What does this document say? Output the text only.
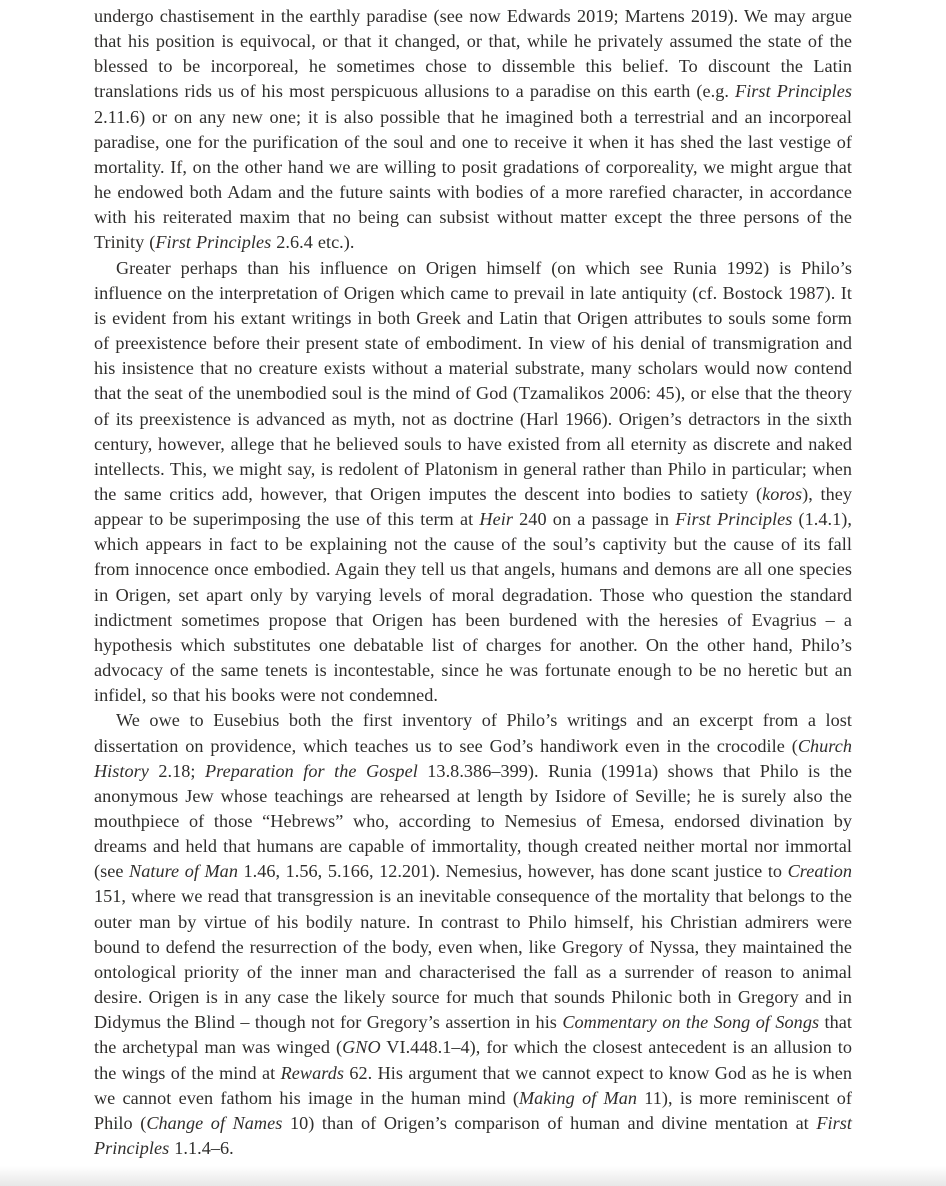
undergo chastisement in the earthly paradise (see now Edwards 2019; Martens 2019). We may argue that his position is equivocal, or that it changed, or that, while he privately assumed the state of the blessed to be incorporeal, he sometimes chose to dissemble this belief. To discount the Latin translations rids us of his most perspicuous allusions to a paradise on this earth (e.g. First Principles 2.11.6) or on any new one; it is also possible that he imagined both a terrestrial and an incorporeal paradise, one for the purification of the soul and one to receive it when it has shed the last vestige of mortality. If, on the other hand we are willing to posit gradations of corporeality, we might argue that he endowed both Adam and the future saints with bodies of a more rarefied character, in accordance with his reiterated maxim that no being can subsist without matter except the three persons of the Trinity (First Principles 2.6.4 etc.).

Greater perhaps than his influence on Origen himself (on which see Runia 1992) is Philo’s influence on the interpretation of Origen which came to prevail in late antiquity (cf. Bostock 1987). It is evident from his extant writings in both Greek and Latin that Origen attributes to souls some form of preexistence before their present state of embodiment. In view of his denial of transmigration and his insistence that no creature exists without a material substrate, many scholars would now contend that the seat of the unembodied soul is the mind of God (Tzamalikos 2006: 45), or else that the theory of its preexistence is advanced as myth, not as doctrine (Harl 1966). Origen’s detractors in the sixth century, however, allege that he believed souls to have existed from all eternity as discrete and naked intellects. This, we might say, is redolent of Platonism in general rather than Philo in particular; when the same critics add, however, that Origen imputes the descent into bodies to satiety (koros), they appear to be superimposing the use of this term at Heir 240 on a passage in First Principles (1.4.1), which appears in fact to be explaining not the cause of the soul’s captivity but the cause of its fall from innocence once embodied. Again they tell us that angels, humans and demons are all one species in Origen, set apart only by varying levels of moral degradation. Those who question the standard indictment sometimes propose that Origen has been burdened with the heresies of Evagrius – a hypothesis which substitutes one debatable list of charges for another. On the other hand, Philo’s advocacy of the same tenets is incontestable, since he was fortunate enough to be no heretic but an infidel, so that his books were not condemned.

We owe to Eusebius both the first inventory of Philo’s writings and an excerpt from a lost dissertation on providence, which teaches us to see God’s handiwork even in the crocodile (Church History 2.18; Preparation for the Gospel 13.8.386–399). Runia (1991a) shows that Philo is the anonymous Jew whose teachings are rehearsed at length by Isidore of Seville; he is surely also the mouthpiece of those “Hebrews” who, according to Nemesius of Emesa, endorsed divination by dreams and held that humans are capable of immortality, though created neither mortal nor immortal (see Nature of Man 1.46, 1.56, 5.166, 12.201). Nemesius, however, has done scant justice to Creation 151, where we read that transgression is an inevitable consequence of the mortality that belongs to the outer man by virtue of his bodily nature. In contrast to Philo himself, his Christian admirers were bound to defend the resurrection of the body, even when, like Gregory of Nyssa, they maintained the ontological priority of the inner man and characterised the fall as a surrender of reason to animal desire. Origen is in any case the likely source for much that sounds Philonic both in Gregory and in Didymus the Blind – though not for Gregory’s assertion in his Commentary on the Song of Songs that the archetypal man was winged (GNO VI.448.1–4), for which the closest antecedent is an allusion to the wings of the mind at Rewards 62. His argument that we cannot expect to know God as he is when we cannot even fathom his image in the human mind (Making of Man 11), is more reminiscent of Philo (Change of Names 10) than of Origen’s comparison of human and divine mentation at First Principles 1.1.4–6.
